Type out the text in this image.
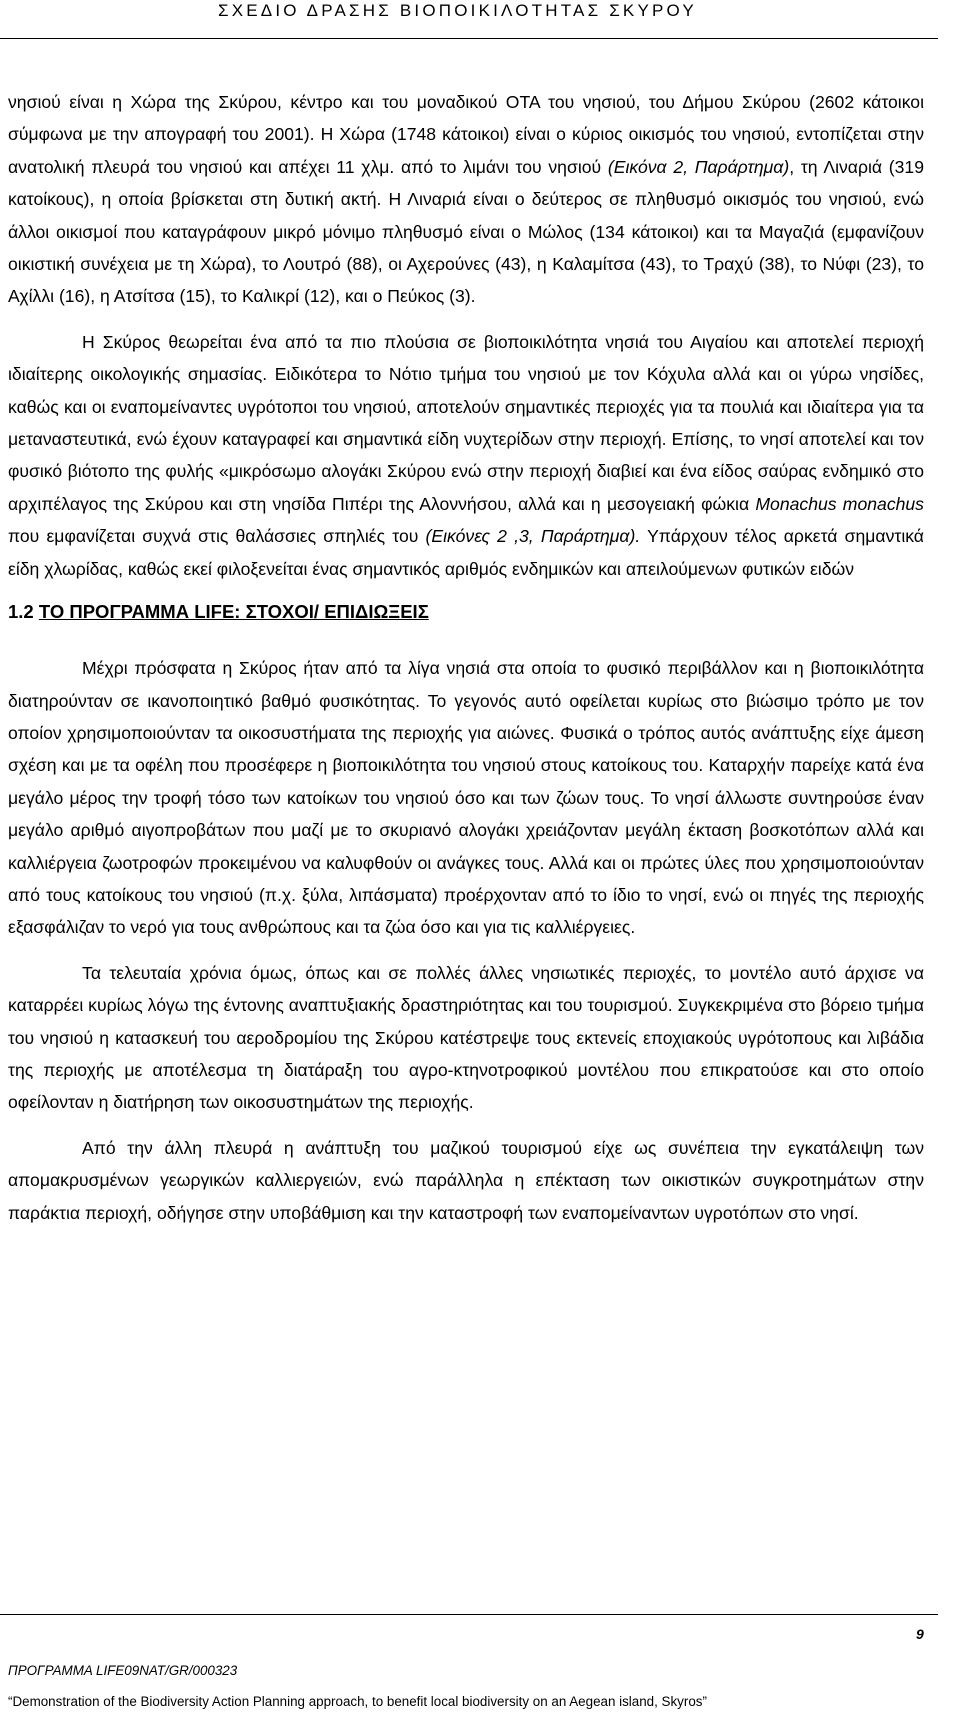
ΣΧΕΔΙΟ ΔΡΑΣΗΣ ΒΙΟΠΟΙΚΙΛΟΤΗΤΑΣ ΣΚΥΡΟΥ

νησιού είναι η Χώρα της Σκύρου, κέντρο και του μοναδικού ΟΤΑ του νησιού, του Δήμου Σκύρου (2602 κάτοικοι σύμφωνα με την απογραφή του 2001). Η Χώρα (1748 κάτοικοι) είναι ο κύριος οικισμός του νησιού, εντοπίζεται στην ανατολική πλευρά του νησιού και απέχει 11 χλμ. από το λιμάνι του νησιού (Εικόνα 2, Παράρτημα), τη Λιναριά (319 κατοίκους), η οποία βρίσκεται στη δυτική ακτή. Η Λιναριά είναι ο δεύτερος σε πληθυσμό οικισμός του νησιού, ενώ άλλοι οικισμοί που καταγράφουν μικρό μόνιμο πληθυσμό είναι ο Μώλος (134 κάτοικοι) και τα Μαγαζιά (εμφανίζουν οικιστική συνέχεια με τη Χώρα), το Λουτρό (88), οι Αχερούνες (43), η Καλαμίτσα (43), το Τραχύ (38), το Νύφι (23), το Αχίλλι (16), η Ατσίτσα (15), το Καλικρί (12), και ο Πεύκος (3).

Η Σκύρος θεωρείται ένα από τα πιο πλούσια σε βιοποικιλότητα νησιά του Αιγαίου και αποτελεί περιοχή ιδιαίτερης οικολογικής σημασίας. Ειδικότερα το Νότιο τμήμα του νησιού με τον Κόχυλα αλλά και οι γύρω νησίδες, καθώς και οι εναπομείναντες υγρότοποι του νησιού, αποτελούν σημαντικές περιοχές για τα πουλιά και ιδιαίτερα για τα μεταναστευτικά, ενώ έχουν καταγραφεί και σημαντικά είδη νυχτερίδων στην περιοχή. Επίσης, το νησί αποτελεί και τον φυσικό βιότοπο της φυλής «μικρόσωμο αλογάκι Σκύρου ενώ στην περιοχή διαβιεί και ένα είδος σαύρας ενδημικό στο αρχιπέλαγος της Σκύρου και στη νησίδα Πιπέρι της Αλοννήσου, αλλά και η μεσογειακή φώκια Monachus monachus που εμφανίζεται συχνά στις θαλάσσιες σπηλιές του (Εικόνες 2 ,3, Παράρτημα). Υπάρχουν τέλος αρκετά σημαντικά είδη χλωρίδας, καθώς εκεί φιλοξενείται ένας σημαντικός αριθμός ενδημικών και απειλούμενων φυτικών ειδών

1.2 ΤΟ ΠΡΟΓΡΑΜΜΑ LIFE: ΣΤΟΧΟΙ/ ΕΠΙΔΙΩΞΕΙΣ

Μέχρι πρόσφατα η Σκύρος ήταν από τα λίγα νησιά στα οποία το φυσικό περιβάλλον και η βιοποικιλότητα διατηρούνταν σε ικανοποιητικό βαθμό φυσικότητας. Το γεγονός αυτό οφείλεται κυρίως στο βιώσιμο τρόπο με τον οποίον χρησιμοποιούνταν τα οικοσυστήματα της περιοχής για αιώνες. Φυσικά ο τρόπος αυτός ανάπτυξης είχε άμεση σχέση και με τα οφέλη που προσέφερε η βιοποικιλότητα του νησιού στους κατοίκους του. Καταρχήν παρείχε κατά ένα μεγάλο μέρος την τροφή τόσο των κατοίκων του νησιού όσο και των ζώων τους. Το νησί άλλωστε συντηρούσε έναν μεγάλο αριθμό αιγοπροβάτων που μαζί με το σκυριανό αλογάκι χρειάζονταν μεγάλη έκταση βοσκοτόπων αλλά και καλλιέργεια ζωοτροφών προκειμένου να καλυφθούν οι ανάγκες τους. Αλλά και οι πρώτες ύλες που χρησιμοποιούνταν από τους κατοίκους του νησιού (π.χ. ξύλα, λιπάσματα) προέρχονταν από το ίδιο το νησί, ενώ οι πηγές της περιοχής εξασφάλιζαν το νερό για τους ανθρώπους και τα ζώα όσο και για τις καλλιέργειες.

Τα τελευταία χρόνια όμως, όπως και σε πολλές άλλες νησιωτικές περιοχές, το μοντέλο αυτό άρχισε να καταρρέει κυρίως λόγω της έντονης αναπτυξιακής δραστηριότητας και του τουρισμού. Συγκεκριμένα στο βόρειο τμήμα του νησιού η κατασκευή του αεροδρομίου της Σκύρου κατέστρεψε τους εκτενείς εποχιακούς υγρότοπους και λιβάδια της περιοχής με αποτέλεσμα τη διατάραξη του αγρο-κτηνοτροφικού μοντέλου που επικρατούσε και στο οποίο οφείλονταν η διατήρηση των οικοσυστημάτων της περιοχής.

Από την άλλη πλευρά η ανάπτυξη του μαζικού τουρισμού είχε ως συνέπεια την εγκατάλειψη των απομακρυσμένων γεωργικών καλλιεργειών, ενώ παράλληλα η επέκταση των οικιστικών συγκροτημάτων στην παράκτια περιοχή, οδήγησε στην υποβάθμιση και την καταστροφή των εναπομείναντων υγροτόπων στο νησί.

9
ΠΡΟΓΡΑΜΜΑ LIFE09NAT/GR/000323
“Demonstration of the Biodiversity Action Planning approach, to benefit local biodiversity on an Aegean island, Skyros”
